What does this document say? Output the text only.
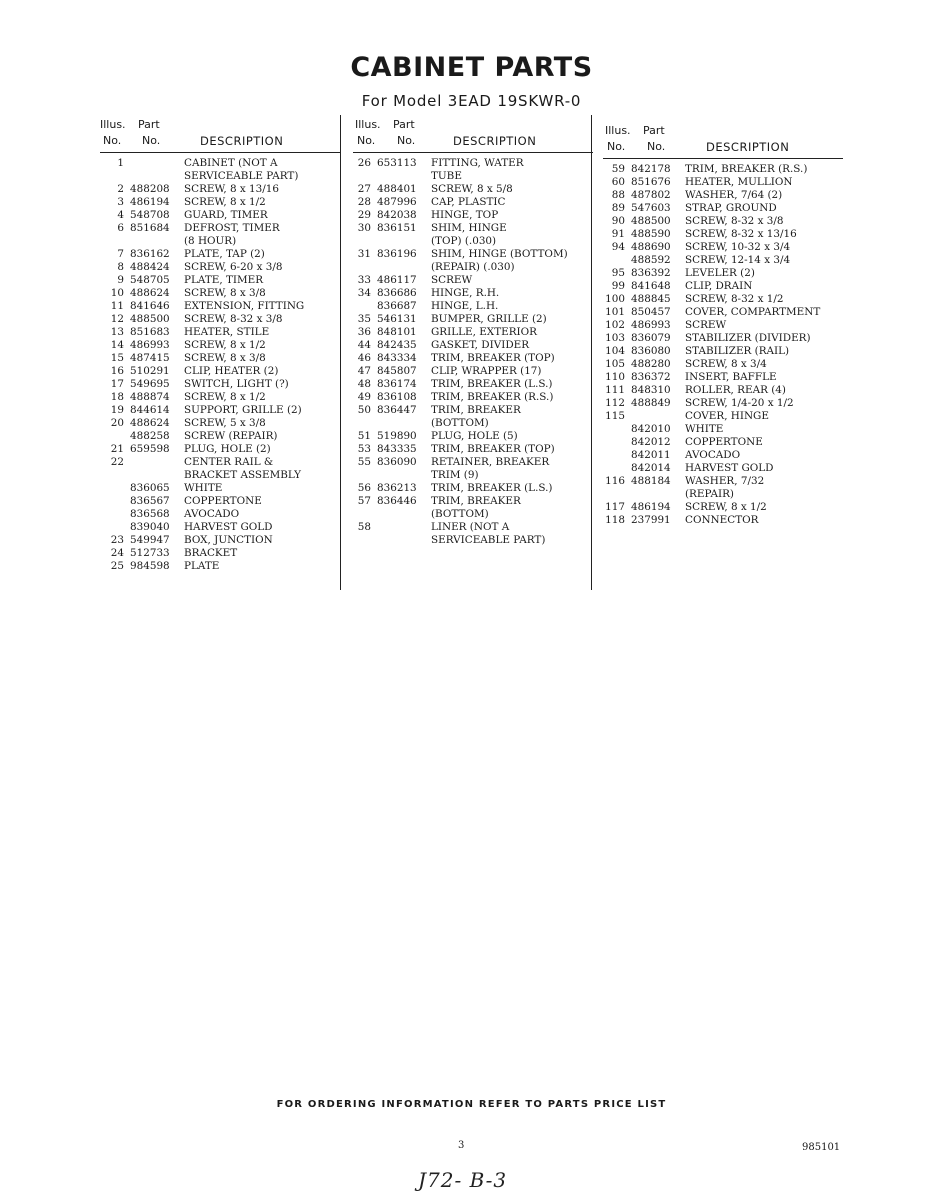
CABINET PARTS
For Model 3EAD 19SKWR-0
Illus.
No.
Part
No.	DESCRIPTION
1	CABINET (NOT A
SERVICEABLE PART)
2 488208	SCREW, 8 x 13/16
3 486194	SCREW, 8 x 1/2
4 548708	GUARD, TIMER
6 851684	DEFROST, TIMER
(8 HOUR)
7 836162	PLATE, TAP (2)
8 488424	SCREW, 6-20 x 3/8
9 548705	PLATE, TIMER
10 488624	SCREW, 8 x 3/8
11 841646	EXTENSION, FITTING
12 488500	SCREW, 8-32 x 3/8
13 851683	HEATER, STILE
14 486993	SCREW, 8 x 1/2
15 487415	SCREW, 8 x 3/8
16 510291	CLIP, HEATER (2)
17 549695	SWITCH, LIGHT (?)
18 488874	SCREW, 8 x 1/2
19 844614	SUPPORT, GRILLE (2)
20 488624	SCREW, 5 x 3/8
488258	SCREW (REPAIR)
21 659598	PLUG, HOLE (2)
22	CENTER RAIL &
BRACKET ASSEMBLY
836065	WHITE
836567	COPPERTONE
836568	AVOCADO
839040	HARVEST GOLD
23 549947	BOX, JUNCTION
24 512733	BRACKET
25 984598	PLATE
Illus.
No.
Part
No.	DESCRIPTION
26 653113	FITTING, WATER
TUBE
27 488401	SCREW, 8 x 5/8
28 487996	CAP, PLASTIC
29 842038	HINGE, TOP
30 836151	SHIM, HINGE
(TOP) (.030)
31 836196	SHIM, HINGE (BOTTOM)
(REPAIR) (.030)
33 486117	SCREW
34 836686	HINGE, R.H.
836687	HINGE, L.H.
35 546131	BUMPER, GRILLE (2)
36 848101	GRILLE, EXTERIOR
44 842435	GASKET, DIVIDER
46 843334	TRIM, BREAKER (TOP)
47 845807	CLIP, WRAPPER (17)
48 836174	TRIM, BREAKER (L.S.)
49 836108	TRIM, BREAKER (R.S.)
50 836447	TRIM, BREAKER
(BOTTOM)
51 519890	PLUG, HOLE (5)
53 843335	TRIM, BREAKER (TOP)
55 836090	RETAINER, BREAKER
TRIM (9)
56 836213	TRIM, BREAKER (L.S.)
57 836446	TRIM, BREAKER
(BOTTOM)
58	LINER (NOT A
SERVICEABLE PART)
Illus.
No.
Part
No.	DESCRIPTION
59 842178	TRIM, BREAKER (R.S.)
60 851676	HEATER, MULLION
88 487802	WASHER, 7/64 (2)
89 547603	STRAP, GROUND
90 488500	SCREW, 8-32 x 3/8
91 488590	SCREW, 8-32 x 13/16
94 488690	SCREW, 10-32 x 3/4
488592	SCREW, 12-14 x 3/4
95 836392	LEVELER (2)
99 841648	CLIP, DRAIN
100 488845	SCREW, 8-32 x 1/2
101 850457	COVER, COMPARTMENT
102 486993	SCREW
103 836079	STABILIZER (DIVIDER)
104 836080	STABILIZER (RAIL)
105 488280	SCREW, 8 x 3/4
110 836372	INSERT, BAFFLE
111 848310	ROLLER, REAR (4)
112 488849	SCREW, 1/4-20 x 1/2
115	COVER, HINGE
842010	WHITE
842012	COPPERTONE
842011	AVOCADO
842014	HARVEST GOLD
116 488184	WASHER, 7/32
(REPAIR)
117 486194	SCREW, 8 x 1/2
118 237991	CONNECTOR
FOR ORDERING INFORMATION REFER TO PARTS PRICE LIST
3	985101
J72- B-3
